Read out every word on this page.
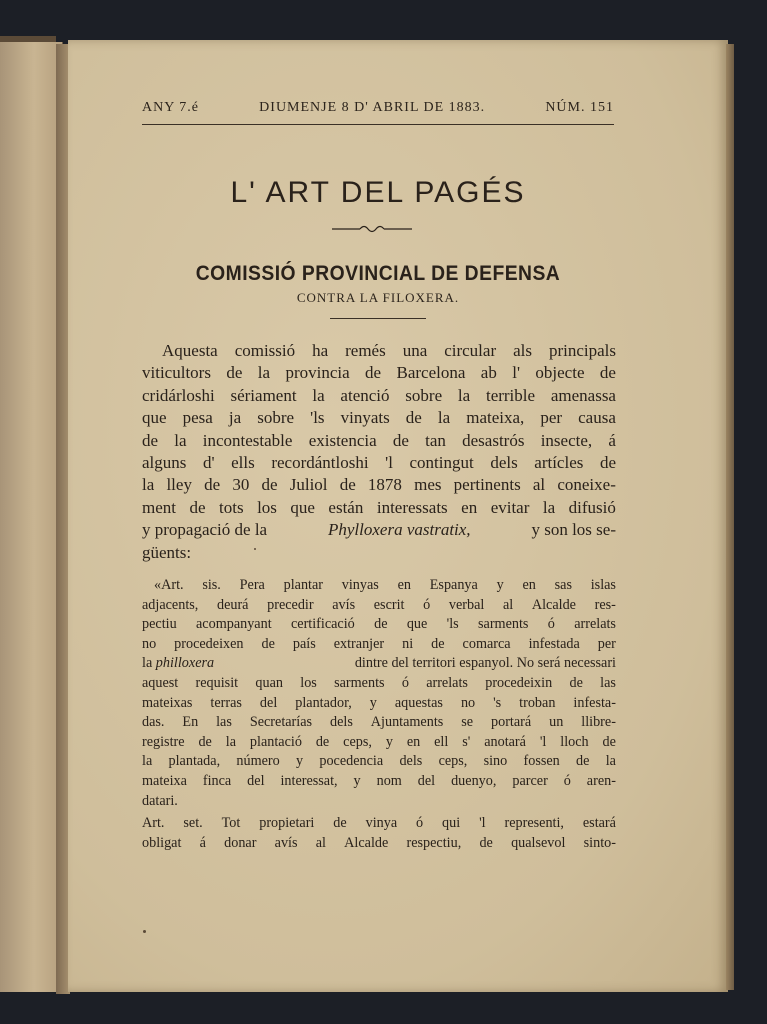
ANY 7.é	DIUMENJE 8 D' ABRIL DE 1883.	NÚM. 151
L' ART DEL PAGÉS
COMISSIÓ PROVINCIAL DE DEFENSA
CONTRA LA FILOXERA.
Aquesta comissió ha remés una circular als principals
viticultors de la provincia de Barcelona ab l' objecte de
cridárloshi sériament la atenció sobre la terrible amenassa
que pesa ja sobre 'ls vinyats de la mateixa, per causa
de la incontestable existencia de tan desastrós insecte, á
alguns d' ells recordántloshi 'l contingut dels artícles de
la lley de 30 de Juliol de 1878 mes pertinents al coneixe-
ment de tots los que están interessats en evitar la difusió
y propagació de la	Phylloxera vastratix,	y son los se-
güents:
«Art. sis. Pera plantar vinyas en Espanya y en sas islas
adjacents, deurá precedir avís escrit ó verbal al Alcalde res-
pectiu acompanyant certificació de que 'ls sarments ó arrelats
no procedeixen de país extranjer ni de comarca infestada per
la philloxera	dintre del territori espanyol. No será necessari
aquest requisit quan los sarments ó arrelats procedeixin de las
mateixas terras del plantador, y aquestas no 's troban infesta-
das. En las Secretarías dels Ajuntaments se portará un llibre-
registre de la plantació de ceps, y en ell s' anotará 'l lloch de
la plantada, número y pocedencia dels ceps, sino fossen de la
mateixa finca del interessat, y nom del duenyo, parcer ó aren-
datari.
Art. set. Tot propietari de vinya ó qui 'l representi, estará
obligat á donar avís al Alcalde respectiu, de qualsevol sinto-
